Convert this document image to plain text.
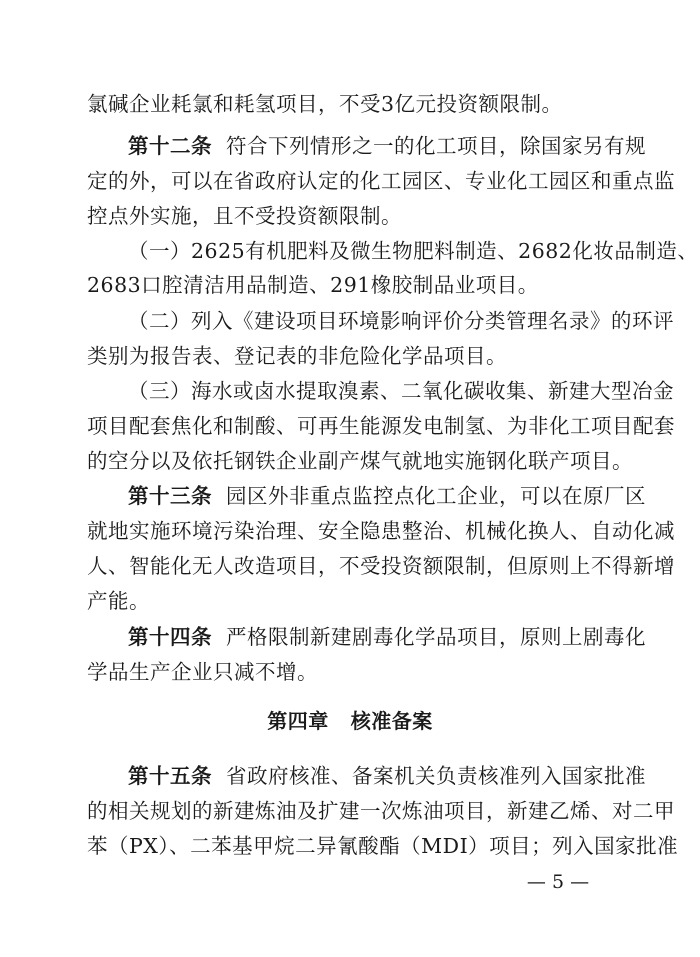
氯碱企业耗氯和耗氢项目，不受3亿元投资额限制。
第十二条 符合下列情形之一的化工项目，除国家另有规
定的外，可以在省政府认定的化工园区、专业化工园区和重点监
控点外实施，且不受投资额限制。
（一）2625有机肥料及微生物肥料制造、2682化妆品制造、
2683口腔清洁用品制造、291橡胶制品业项目。
（二）列入《建设项目环境影响评价分类管理名录》的环评
类别为报告表、登记表的非危险化学品项目。
（三）海水或卤水提取溴素、二氧化碳收集、新建大型冶金
项目配套焦化和制酸、可再生能源发电制氢、为非化工项目配套
的空分以及依托钢铁企业副产煤气就地实施钢化联产项目。
第十三条 园区外非重点监控点化工企业，可以在原厂区
就地实施环境污染治理、安全隐患整治、机械化换人、自动化减
人、智能化无人改造项目，不受投资额限制，但原则上不得新增
产能。
第十四条 严格限制新建剧毒化学品项目，原则上剧毒化
学品生产企业只减不增。
第四章 核准备案
第十五条 省政府核准、备案机关负责核准列入国家批准
的相关规划的新建炼油及扩建一次炼油项目，新建乙烯、对二甲
苯（PX）、二苯基甲烷二异氰酸酯（MDI）项目；列入国家批准
— 5 —
